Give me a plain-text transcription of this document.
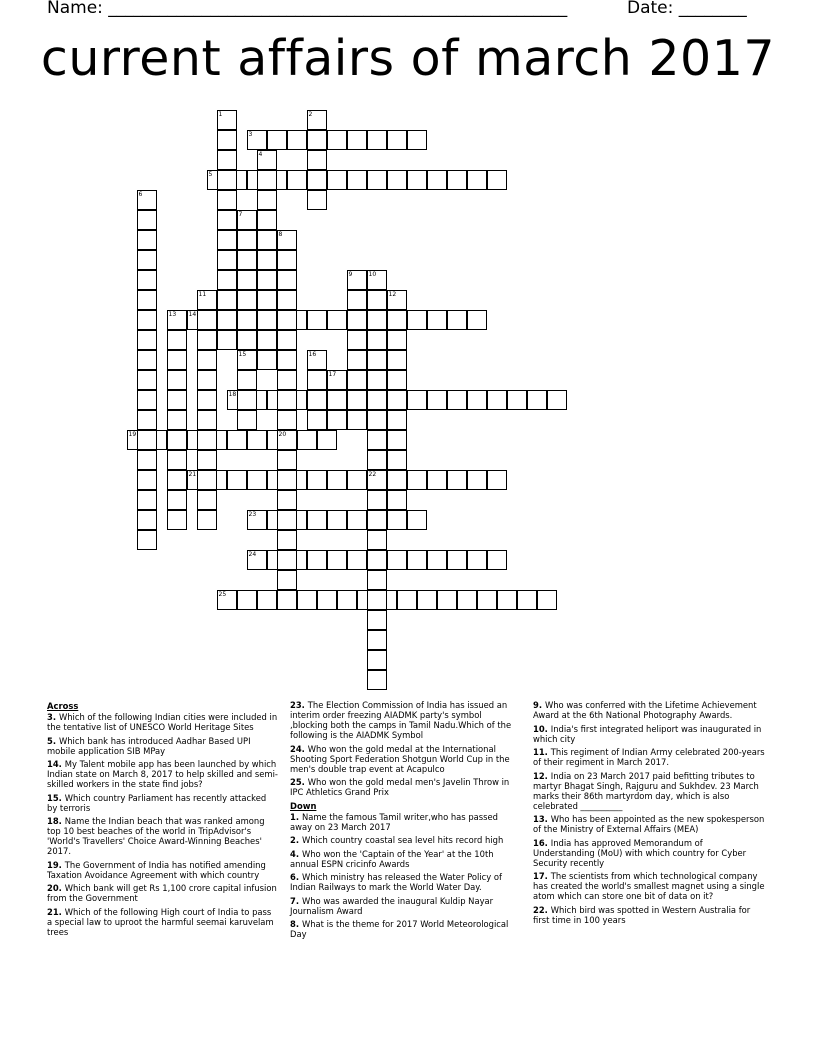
Name: ______________________________________________________	Date: ________
current affairs of march 2017
3
5
14
15
18
19	20
21	22
23
24
25
1	2
4
6
7
8
9	10
11	12
13
16
17
Across
3. Which of the following Indian cities were included in the tentative list of UNESCO World Heritage Sites
5. Which bank has introduced Aadhar Based UPI mobile application SIB MPay
14. My Talent mobile app has been launched by which Indian state on March 8, 2017 to help skilled and semi-skilled workers in the state find jobs?
15. Which country Parliament has recently attacked by terroris
18. Name the Indian beach that was ranked among top 10 best beaches of the world in TripAdvisor's 'World's Travellers' Choice Award-Winning Beaches' 2017.
19. The Government of India has notified amending Taxation Avoidance Agreement with which country
20. Which bank will get Rs 1,100 crore capital infusion from the Government
21. Which of the following High court of India to pass a special law to uproot the harmful seemai karuvelam trees
23. The Election Commission of India has issued an interim order freezing AIADMK party's symbol ,blocking both the camps in Tamil Nadu.Which of the following is the AIADMK Symbol
24. Who won the gold medal at the International Shooting Sport Federation Shotgun World Cup in the men's double trap event at Acapulco
25. Who won the gold medal men's Javelin Throw in IPC Athletics Grand Prix
Down
1. Name the famous Tamil writer,who has passed away on 23 March 2017
2. Which country coastal sea level hits record high
4. Who won the 'Captain of the Year' at the 10th annual ESPN cricinfo Awards
6. Which ministry has released the Water Policy of Indian Railways to mark the World Water Day.
7. Who was awarded the inaugural Kuldip Nayar Journalism Award
8. What is the theme for 2017 World Meteorological Day
9. Who was conferred with the Lifetime Achievement Award at the 6th National Photography Awards.
10. India's first integrated heliport was inaugurated in which city
11. This regiment of Indian Army celebrated 200-years of their regiment in March 2017.
12. India on 23 March 2017 paid befitting tributes to martyr Bhagat Singh, Rajguru and Sukhdev. 23 March marks their 86th martyrdom day, which is also celebrated __________
13. Who has been appointed as the new spokesperson of the Ministry of External Affairs (MEA)
16. India has approved Memorandum of Understanding (MoU) with which country for Cyber Security recently
17. The scientists from which technological company has created the world's smallest magnet using a single atom which can store one bit of data on it?
22. Which bird was spotted in Western Australia for first time in 100 years
